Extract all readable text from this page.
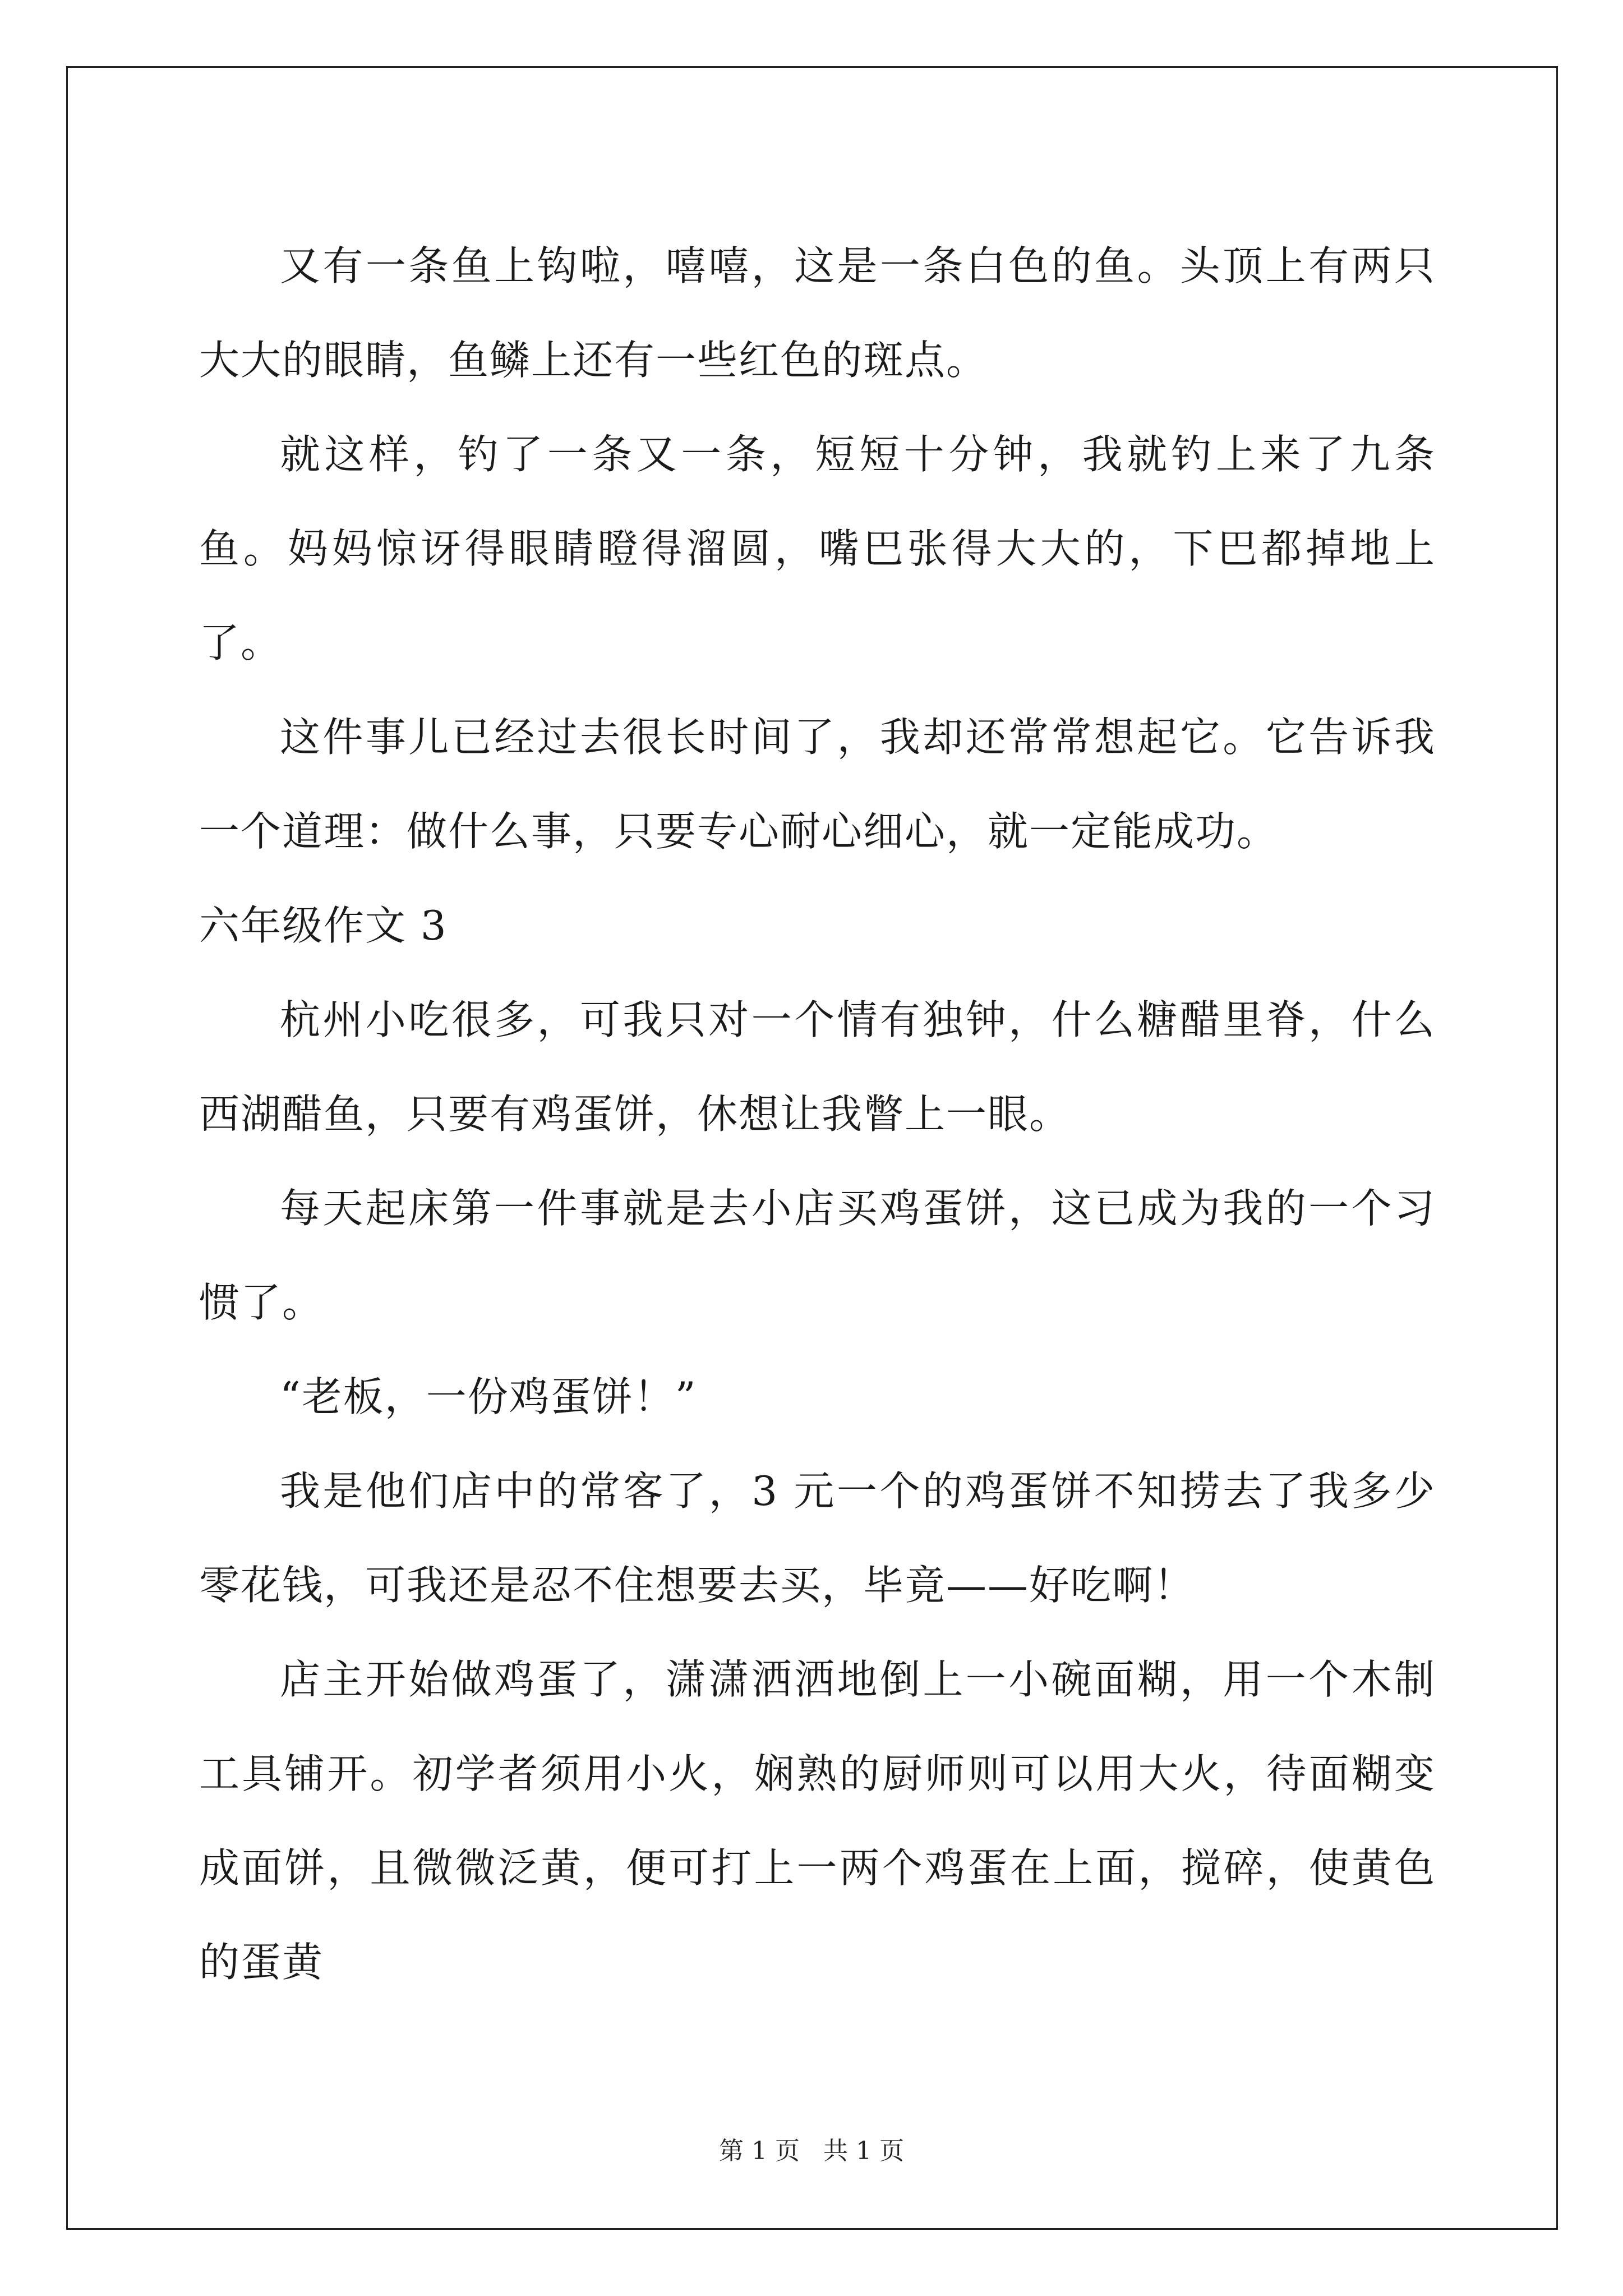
又有一条鱼上钩啦，嘻嘻，这是一条白色的鱼。头顶上有两只大大的眼睛，鱼鳞上还有一些红色的斑点。

就这样，钓了一条又一条，短短十分钟，我就钓上来了九条鱼。妈妈惊讶得眼睛瞪得溜圆，嘴巴张得大大的，下巴都掉地上了。

这件事儿已经过去很长时间了，我却还常常想起它。它告诉我一个道理：做什么事，只要专心耐心细心，就一定能成功。

六年级作文 3

杭州小吃很多，可我只对一个情有独钟，什么糖醋里脊，什么西湖醋鱼，只要有鸡蛋饼，休想让我瞥上一眼。

每天起床第一件事就是去小店买鸡蛋饼，这已成为我的一个习惯了。

“老板，一份鸡蛋饼！”

我是他们店中的常客了，3 元一个的鸡蛋饼不知捞去了我多少零花钱，可我还是忍不住想要去买，毕竟——好吃啊！

店主开始做鸡蛋了，潇潇洒洒地倒上一小碗面糊，用一个木制工具铺开。初学者须用小火，娴熟的厨师则可以用大火，待面糊变成面饼，且微微泛黄，便可打上一两个鸡蛋在上面，搅碎，使黄色的蛋黄

第 1 页   共 1 页
